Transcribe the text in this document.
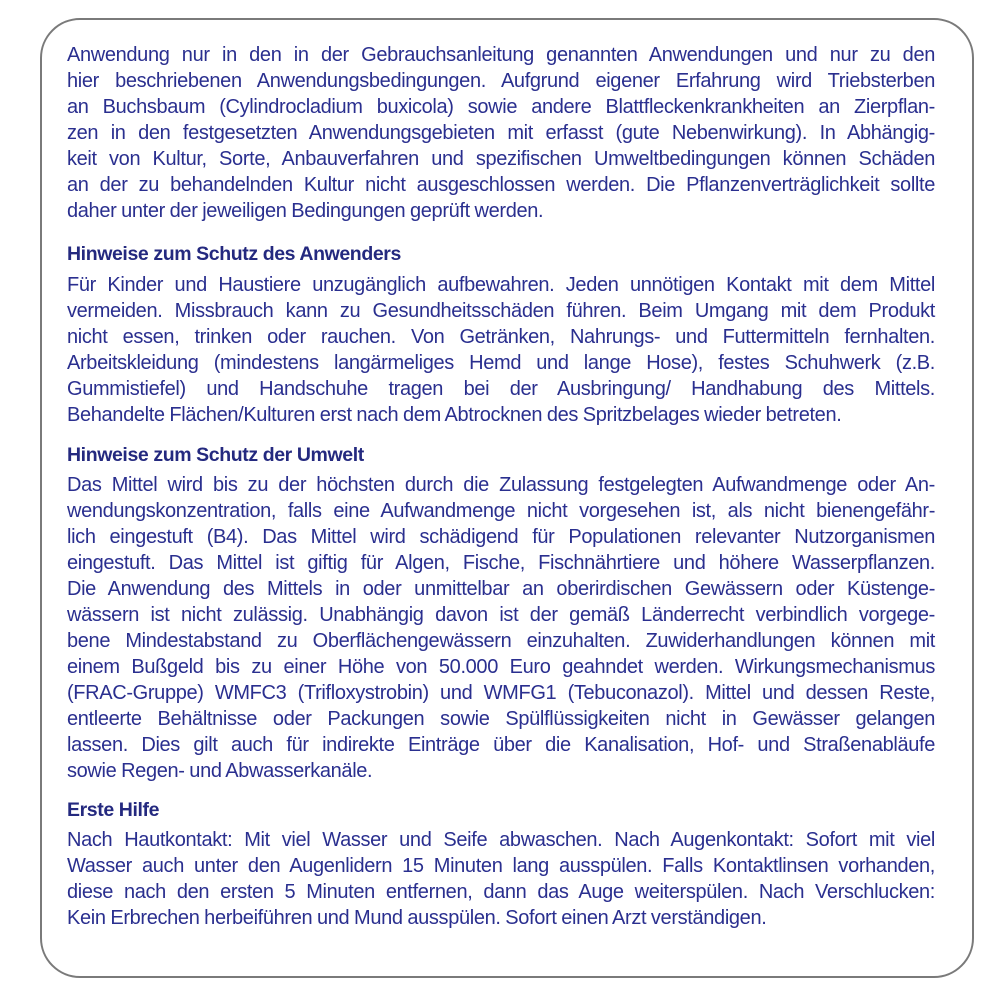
Anwendung nur in den in der Gebrauchsanleitung genannten Anwendungen und nur zu den
hier beschriebenen Anwendungsbedingungen. Aufgrund eigener Erfahrung wird Triebsterben
an Buchsbaum (Cylindrocladium buxicola) sowie andere Blattfleckenkrankheiten an Zierpflan-
zen in den festgesetzten Anwendungsgebieten mit erfasst (gute Nebenwirkung). In Abhängig-
keit von Kultur, Sorte, Anbauverfahren und spezifischen Umweltbedingungen können Schäden
an der zu behandelnden Kultur nicht ausgeschlossen werden. Die Pflanzenverträglichkeit sollte
daher unter der jeweiligen Bedingungen geprüft werden.

Hinweise zum Schutz des Anwenders

Für Kinder und Haustiere unzugänglich aufbewahren. Jeden unnötigen Kontakt mit dem Mittel
vermeiden. Missbrauch kann zu Gesundheitsschäden führen. Beim Umgang mit dem Produkt
nicht essen, trinken oder rauchen. Von Getränken, Nahrungs- und Futtermitteln fernhalten.
Arbeitskleidung (mindestens langärmeliges Hemd und lange Hose), festes Schuhwerk (z.B.
Gummistiefel) und Handschuhe tragen bei der Ausbringung/ Handhabung des Mittels.
Behandelte Flächen/Kulturen erst nach dem Abtrocknen des Spritzbelages wieder betreten.

Hinweise zum Schutz der Umwelt

Das Mittel wird bis zu der höchsten durch die Zulassung festgelegten Aufwandmenge oder An-
wendungskonzentration, falls eine Aufwandmenge nicht vorgesehen ist, als nicht bienengefähr-
lich eingestuft (B4). Das Mittel wird schädigend für Populationen relevanter Nutzorganismen
eingestuft. Das Mittel ist giftig für Algen, Fische, Fischnährtiere und höhere Wasserpflanzen.
Die Anwendung des Mittels in oder unmittelbar an oberirdischen Gewässern oder Küstenge-
wässern ist nicht zulässig. Unabhängig davon ist der gemäß Länderrecht verbindlich vorgege-
bene Mindestabstand zu Oberflächengewässern einzuhalten. Zuwiderhandlungen können mit
einem Bußgeld bis zu einer Höhe von 50.000 Euro geahndet werden. Wirkungsmechanismus
(FRAC-Gruppe) WMFC3 (Trifloxystrobin) und WMFG1 (Tebuconazol). Mittel und dessen Reste,
entleerte Behältnisse oder Packungen sowie Spülflüssigkeiten nicht in Gewässer gelangen
lassen. Dies gilt auch für indirekte Einträge über die Kanalisation, Hof- und Straßenabläufe
sowie Regen- und Abwasserkanäle.

Erste Hilfe

Nach Hautkontakt: Mit viel Wasser und Seife abwaschen. Nach Augenkontakt: Sofort mit viel
Wasser auch unter den Augenlidern 15 Minuten lang ausspülen. Falls Kontaktlinsen vorhanden,
diese nach den ersten 5 Minuten entfernen, dann das Auge weiterspülen. Nach Verschlucken:
Kein Erbrechen herbeiführen und Mund ausspülen. Sofort einen Arzt verständigen.
